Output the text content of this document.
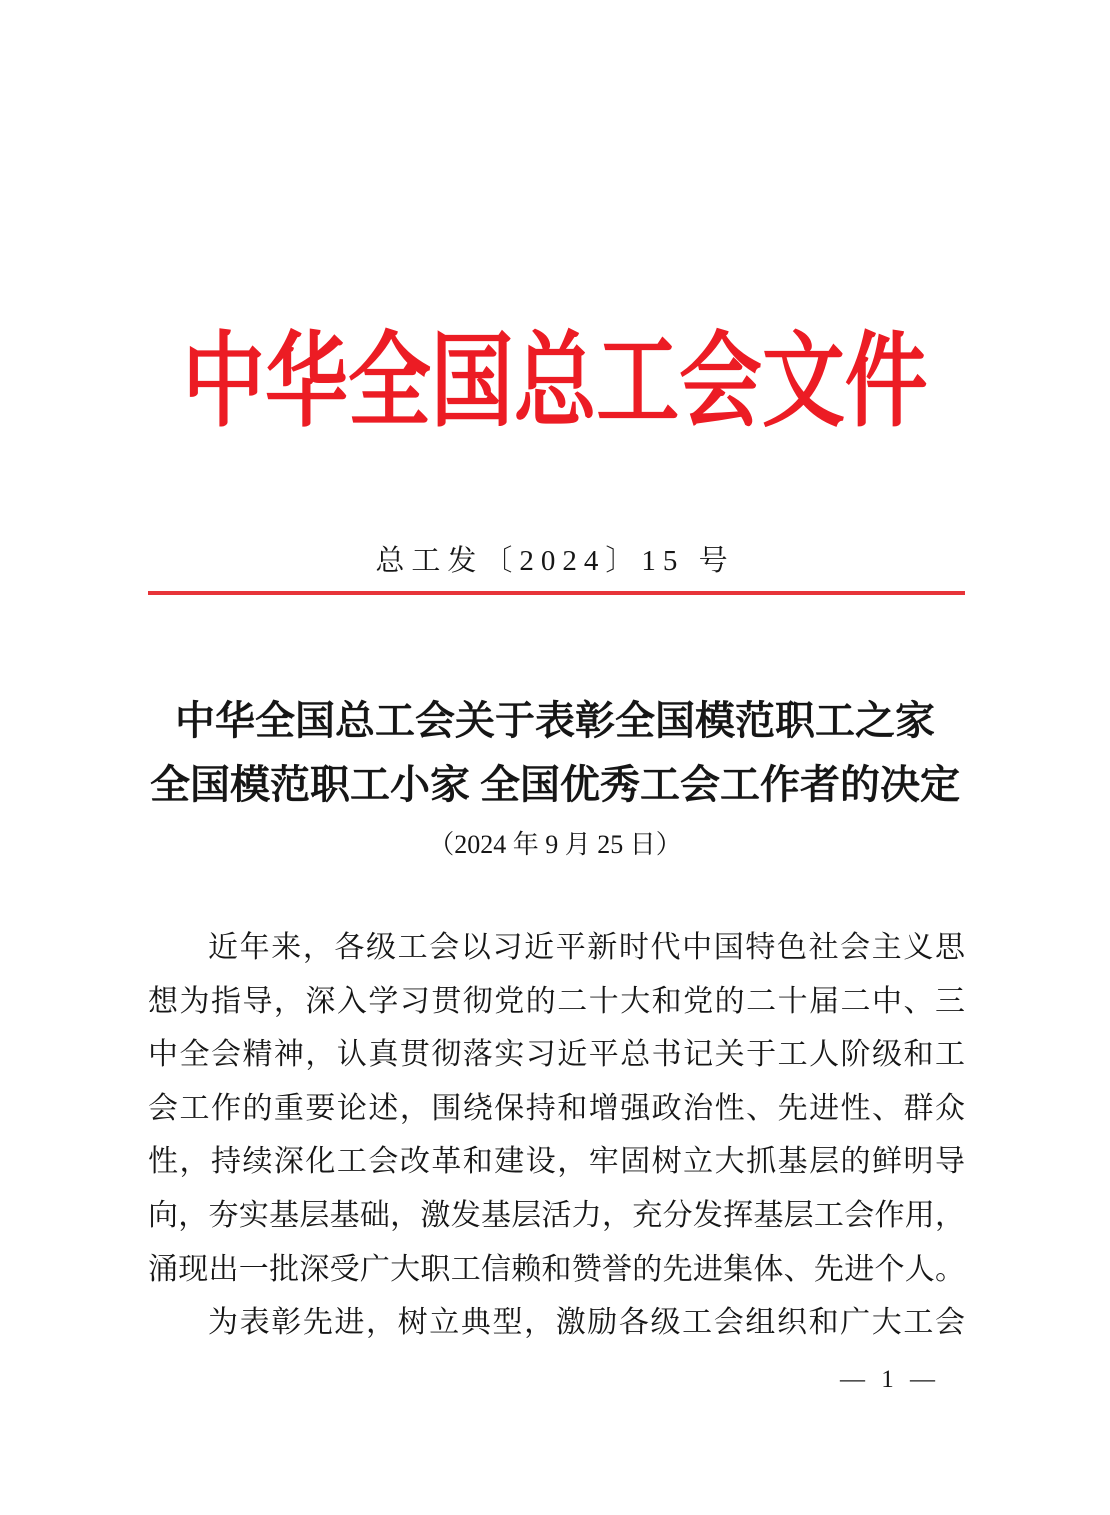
中华全国总工会文件
总工发〔2024〕15 号
中华全国总工会关于表彰全国模范职工之家
全国模范职工小家 全国优秀工会工作者的决定
（2024 年 9 月 25 日）
近年来，各级工会以习近平新时代中国特色社会主义思
想为指导，深入学习贯彻党的二十大和党的二十届二中、三
中全会精神，认真贯彻落实习近平总书记关于工人阶级和工
会工作的重要论述，围绕保持和增强政治性、先进性、群众
性，持续深化工会改革和建设，牢固树立大抓基层的鲜明导
向，夯实基层基础，激发基层活力，充分发挥基层工会作用，
涌现出一批深受广大职工信赖和赞誉的先进集体、先进个人。
为表彰先进，树立典型，激励各级工会组织和广大工会
— 1 —
